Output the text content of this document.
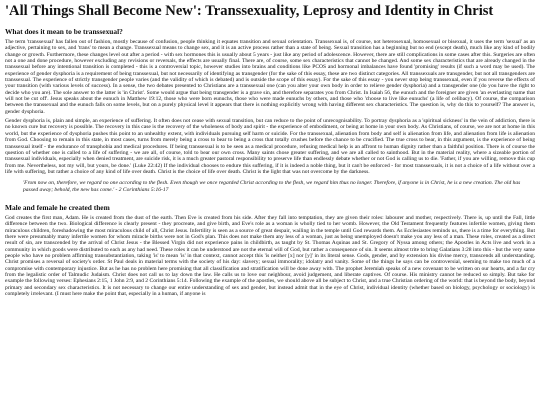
'All Things Shall Become New': Transsexuality, Leprosy and Identity in Christ
What does it mean to be transsexual?

The term 'transsexual' has fallen out of fashion, mostly because of confusion, people thinking it equates transition and sexual orientation. Transsexual is, of course, not heterosexual, homosexual or bisexual, it uses the term 'sexual' as an adjective, pertaining to sex, and 'trans' to mean a change. Transsexual means to change sex, and it is an active process rather than a state of being. Sexual transition has a beginning but no end (except death), much like any kind of bodily change or growth. Furthermore, these changes level out after a period - with sex hormones this is usually about 5 years - just like any period of adolescence. However, there are still complications in some cases after this. Surgeries are often not a one and done procedure, however excluding any revisions or reversals, the effects are usually final. There are, of course, some sex characteristics that cannot be changed. And some sex characteristics that are already changed in the transsexual before any intentional transition is completed - this is a controversial topic, however studies into brains and conditions like PCOS and hormonal imbalances have found 'promising' results (if such a word may be used). The experience of gender dysphoria is a requirement of being transsexual, but not necessarily of identifying as transgender (for the sake of this essay, these are two distinct categories. All transsexuals are transgender, but not all transgenders are transsexual. The experience of strictly transgender people varies (and the validity of which is debated) and is outside the scope of this essay). For the sake of this essay - you never stop being transsexual, even if you reverse the effects of your transition (with various levels of success). In a sense, the two debates presented to Christians are a transsexual one (can you alter your own body in order to relieve gender dysphoria) and a transgender one (do you have the right to decide who you are). The sole answer to the latter is 'in Christ'. Some would argue that being transgender is a grave sin, and therefore separates you from Christ. In Isaiah 56, the eunuch and the foreigner are given 'an everlasting name that will not be cut off'. Jesus speaks about the eunuch in Matthew 19:12, those who were born eunuchs, those who were made eunuchs by others, and those who 'choose to live like eunuchs' (a life of celibacy). Of course, the comparison between the transsexual and the eunuch falls on some levels, but on a purely physical level it appears that there is nothing explicitly wrong with having different sex characteristics. The question is, why do this to yourself? The answer is, gender dysphoria.

Gender dysphoria is, plain and simple, an experience of suffering. It often does not cease with sexual transition, but can reduce to the point of unrecognisability. To portray dysphoria as a 'spiritual sickness' in the vein of addiction, there is no known cure but recovery is possible. The recovery in this case is the recovery of the wholeness of body and spirit - the experience of embodiment, or being at home in your own body. As Christians, of course, we are not at home in this world, but the experience of dysphoria pushes this point to an unhealthy extent, with individuals pursuing self harm or suicide. For the transsexual, alienation from body and self is alienation from life, and alienation from life is alienation from God. Choosing to remain in this state, in most cases, turns from merely being a cross to bear to being a cross that totally crushes before the chance to be crucified. The true cross to bear, in this argument, is the experience of being transsexual itself - the endurance of transphobia and medical procedures. If being transsexual is to be seen as a medical procedure, refusing medical help is an affront to human dignity rather than a faithful position. There is of course the question of whether one is called to a life of suffering - we are all, of course, told to bear our own cross. Many saints chose greater suffering, and we are all called to sainthood. But in the material reality, where a sizeable portion of transsexual individuals, especially when denied treatment, are suicide risk, it is a much greater pastoral responsibility to preserve life than endlessly debate whether or not God is calling us to die. 'Father, if you are willing, remove this cup from me. Nevertheless, not my will, but yours, be done.' (Luke 22:42) If the individual chooses to endure this suffering, if it is indeed a noble thing, but it can't be enforced - for most transsexuals, it is not a choice of a life without over a life with suffering, but rather a choice of any kind of life over death. Christ is the choice of life over death. Christ is the light that was not overcome by the darkness.

'From now on, therefore, we regard no one according to the flesh. Even though we once regarded Christ according to the flesh, we regard him thus no longer. Therefore, if anyone is in Christ, he is a new creation. The old has passed away; behold, the new has come.' - 2 Corinthians 5:16-17
Male and female he created them

God creates the first man, Adam. He is created from the dust of the earth. Then Eve is created from his side. After they fall into temptation, they are given their roles: labourer and mother, respectively. There is, up until the Fall, little difference between the two. Biological difference is clearly present - they procreate, and give birth, and Eve's role as a woman is wholly tied to her womb. However, the Old Testament frequently features infertile women, giving them miraculous children, foreshadowing the most miraculous child of all, Christ Jesus. Infertility is seen as a source of great despair, wailing in the temple until God rewards them. As Ecclesiastes reminds us, there is a time for everything. But there were presumably many infertile women for whom miracle births were not in God's plan. This does not make them any less of a woman, just as being unemployed doesn't make you any less of a man. These roles, created as a direct result of sin, are transcended by the arrival of Christ Jesus - the Blessed Virgin did not experience pains in childbirth, as taught by St. Thomas Aquinas and St. Gregory of Nyssa among others; the Apostles in Acts live and work in a community in which goods were distributed to each as any had need. These roles it can be understood are not the eternal will of God, but rather a consequence of sin. It seems almost trite to bring Galatians 3:28 into this - but the very same people who have no problem affirming transubstantiation, taking 'is' to mean 'is' in that context, cannot accept this 'is neither [x] nor [y]' in its literal sense. Gods, gender, and by extension his divine mercy, transcends all understanding. Christ promises a reversal of society's order. St Paul deals in material terms with the society of his day: slavery; sexual immorality; idolatry and vanity. Some of the things he says can be controversial, seeming to make too much of a compromise with contemporary injustice. But as he has no problem here promising that all classification and stratification will be done away with. The prophet Jeremiah speaks of a new covenant to be written on our hearts, and a far cry from the legalistic order of Talmudic Judaism. Christ does not call us to lay down the law. He calls us to love our neighbour, avoid judgement, and liberate captives. Of course. His ministry cannot be reduced so simply. But take for example the following verses: Ephesians 2:15, 1 John 2:9, and 2 Corinthians 5:14. Following the example of the apostles, we should above all be subject to Christ, and a true Christian ordering of the world: that is beyond the body, beyond primary and secondary sex characteristics. It is not necessary to change our entire understanding of sex and gender, but instead admit that in the eye of Christ, individual identity (whether based on biology, psychology or sociology) is completely irrelevant. (I must here make the point that, especially in a human, if anyone is
